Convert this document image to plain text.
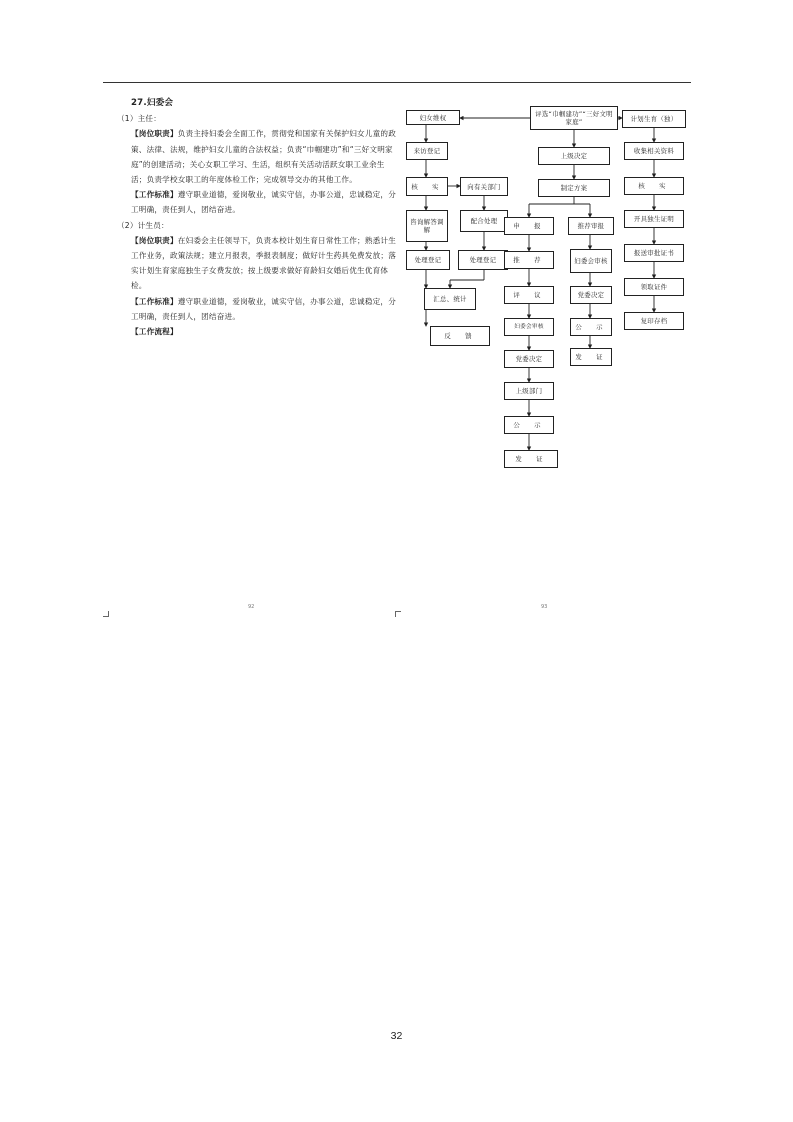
27.妇委会

（1）主任：

【岗位职责】负责主持妇委会全面工作，贯彻党和国家有关保护妇女儿童的政策、法律、法规，维护妇女儿童的合法权益；负责“巾帼建功”和“三好文明家庭”的创建活动；关心女职工学习、生活，组织有关活动活跃女职工业余生活；负责学校女职工的年度体检工作；完成领导交办的其他工作。

【工作标准】遵守职业道德，爱岗敬业，诚实守信，办事公道，忠诚稳定，分工明确，责任到人，团结奋进。

（2）计生员：

【岗位职责】在妇委会主任领导下，负责本校计划生育日常性工作；熟悉计生工作业务，政策法规；建立月报表，季报表制度；做好计生药具免费发放；落实计划生育家庭独生子女费发放；按上级要求做好育龄妇女婚后优生优育体检。

【工作标准】遵守职业道德，爱岗敬业，诚实守信，办事公道，忠诚稳定，分工明确，责任到人，团结奋进。

【工作流程】

妇女维权
来访登记
核　实
咨询解答调解
处理登记
汇总、统计
反　馈
向有关部门
配合处理
处理登记
评选“巾帼建功”“三好文明家庭”
上级决定
制定方案
申　报
推　荐
评　议
妇委会审核
党委决定
上级部门
公　示
发　证
推荐审报
妇委会审核
党委决定
公　示
发　证
计划生育（独）
收集相关资料
核　实
开具独生证明
报送审批证书
领取证件
复印存档
92	93
32
